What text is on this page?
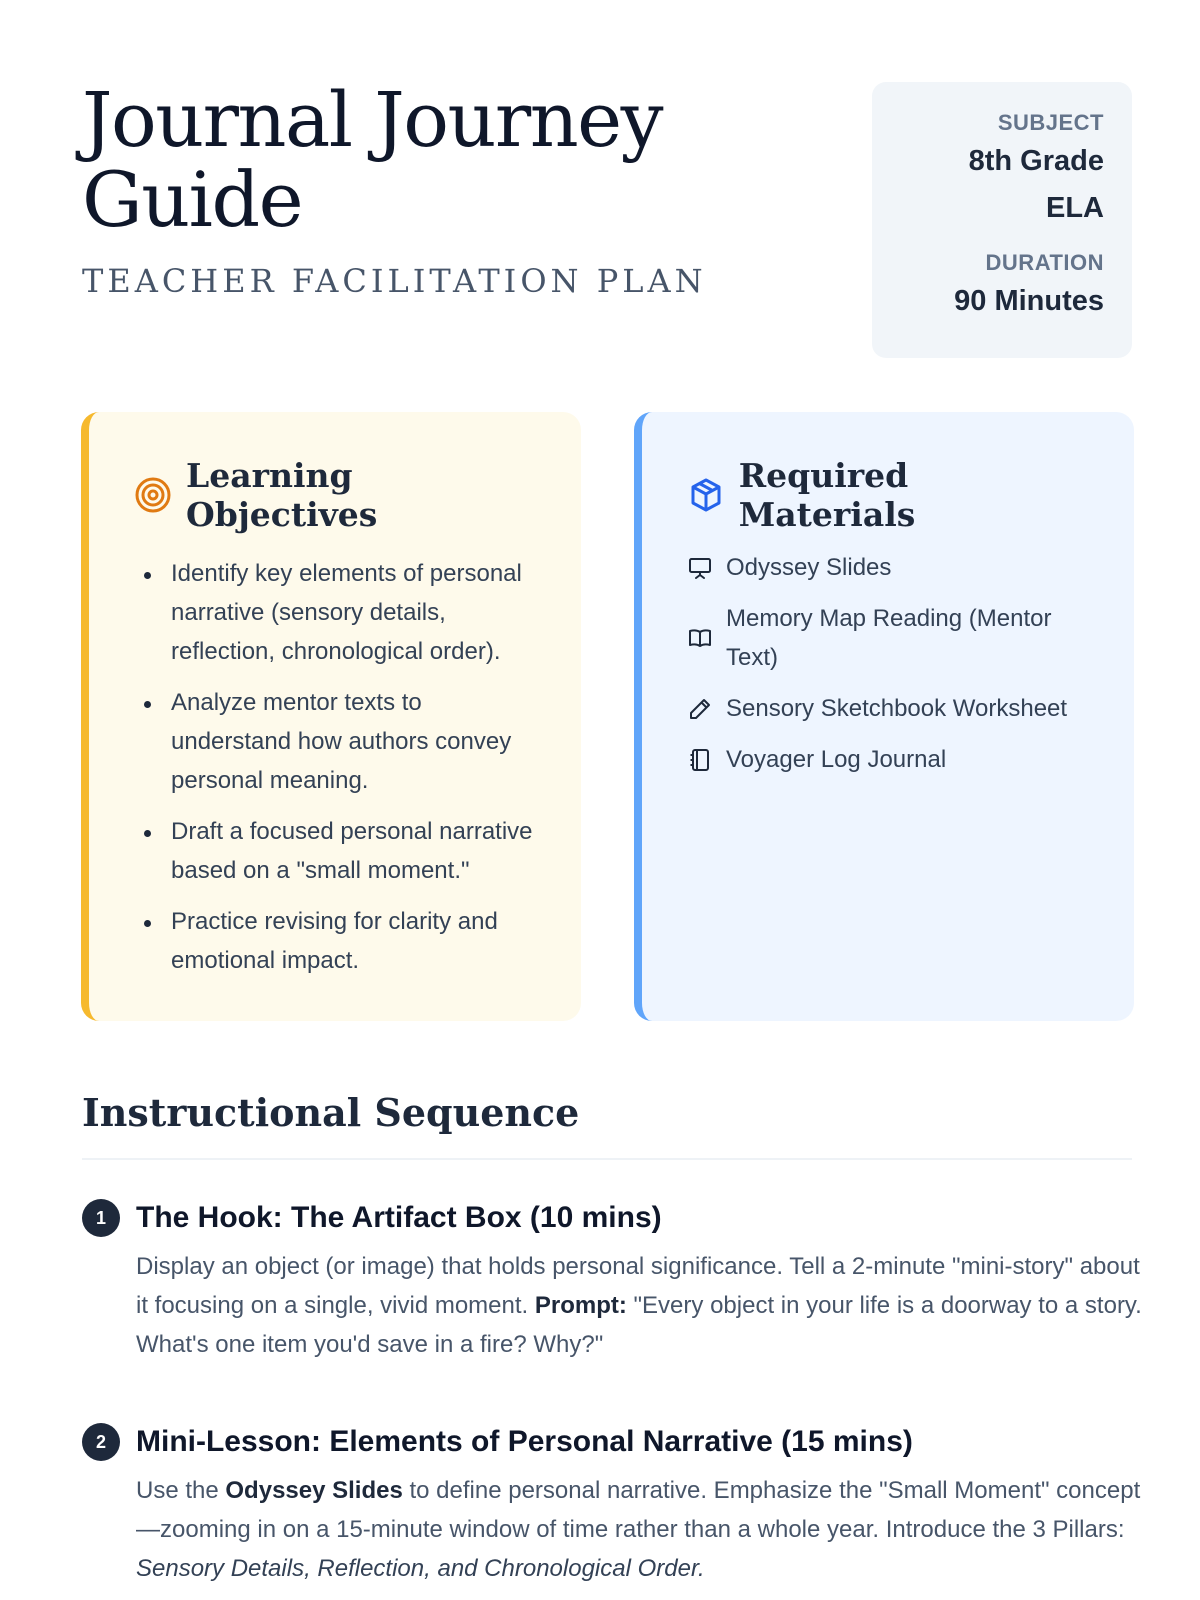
Journal Journey
Guide
TEACHER FACILITATION PLAN
SUBJECT
8th Grade
ELA
DURATION
90 Minutes
Learning Objectives
Identify key elements of personal narrative (sensory details, reflection, chronological order).
Analyze mentor texts to understand how authors convey personal meaning.
Draft a focused personal narrative based on a "small moment."
Practice revising for clarity and emotional impact.
Required Materials
Odyssey Slides
Memory Map Reading (Mentor Text)
Sensory Sketchbook Worksheet
Voyager Log Journal
Instructional Sequence
1	The Hook: The Artifact Box (10 mins)

Display an object (or image) that holds personal significance. Tell a 2-minute "mini-story" about it focusing on a single, vivid moment. Prompt: "Every object in your life is a doorway to a story. What's one item you'd save in a fire? Why?"

2	Mini-Lesson: Elements of Personal Narrative (15 mins)

Use the Odyssey Slides to define personal narrative. Emphasize the "Small Moment" concept—zooming in on a 15-minute window of time rather than a whole year. Introduce the 3 Pillars: Sensory Details, Reflection, and Chronological Order.
